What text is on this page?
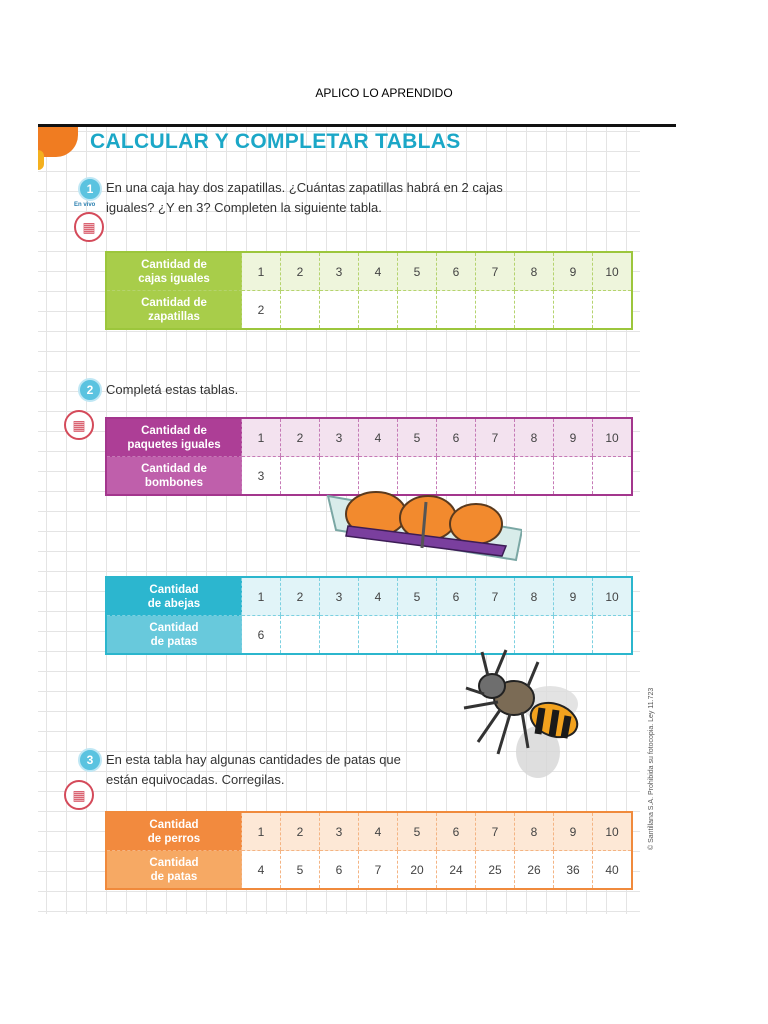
APLICO LO APRENDIDO
CALCULAR Y COMPLETAR TABLAS
1
En vivo
▦
En una caja hay dos zapatillas. ¿Cuántas zapatillas habrá en 2 cajas
iguales? ¿Y en 3? Completen la siguiente tabla.
Cantidad de
cajas iguales	1	2	3	4	5	6	7	8	9	10
Cantidad de
zapatillas	2									
2 Completá estas tablas.
▦	Cantidad de
paquetes iguales	1	2	3	4	5	6	7	8	9	10
Cantidad de
bombones	3									
Cantidad
de abejas	1	2	3	4	5	6	7	8	9	10
Cantidad
de patas	6									
3 En esta tabla hay algunas cantidades de patas que
están equivocadas. Corregilas.
▦
Cantidad
de perros	1	2	3	4	5	6	7	8	9	10
Cantidad
de patas	4	5	6	7	20	24	25	26	36	40
© Santillana S.A. Prohibida su fotocopia. Ley 11.723
